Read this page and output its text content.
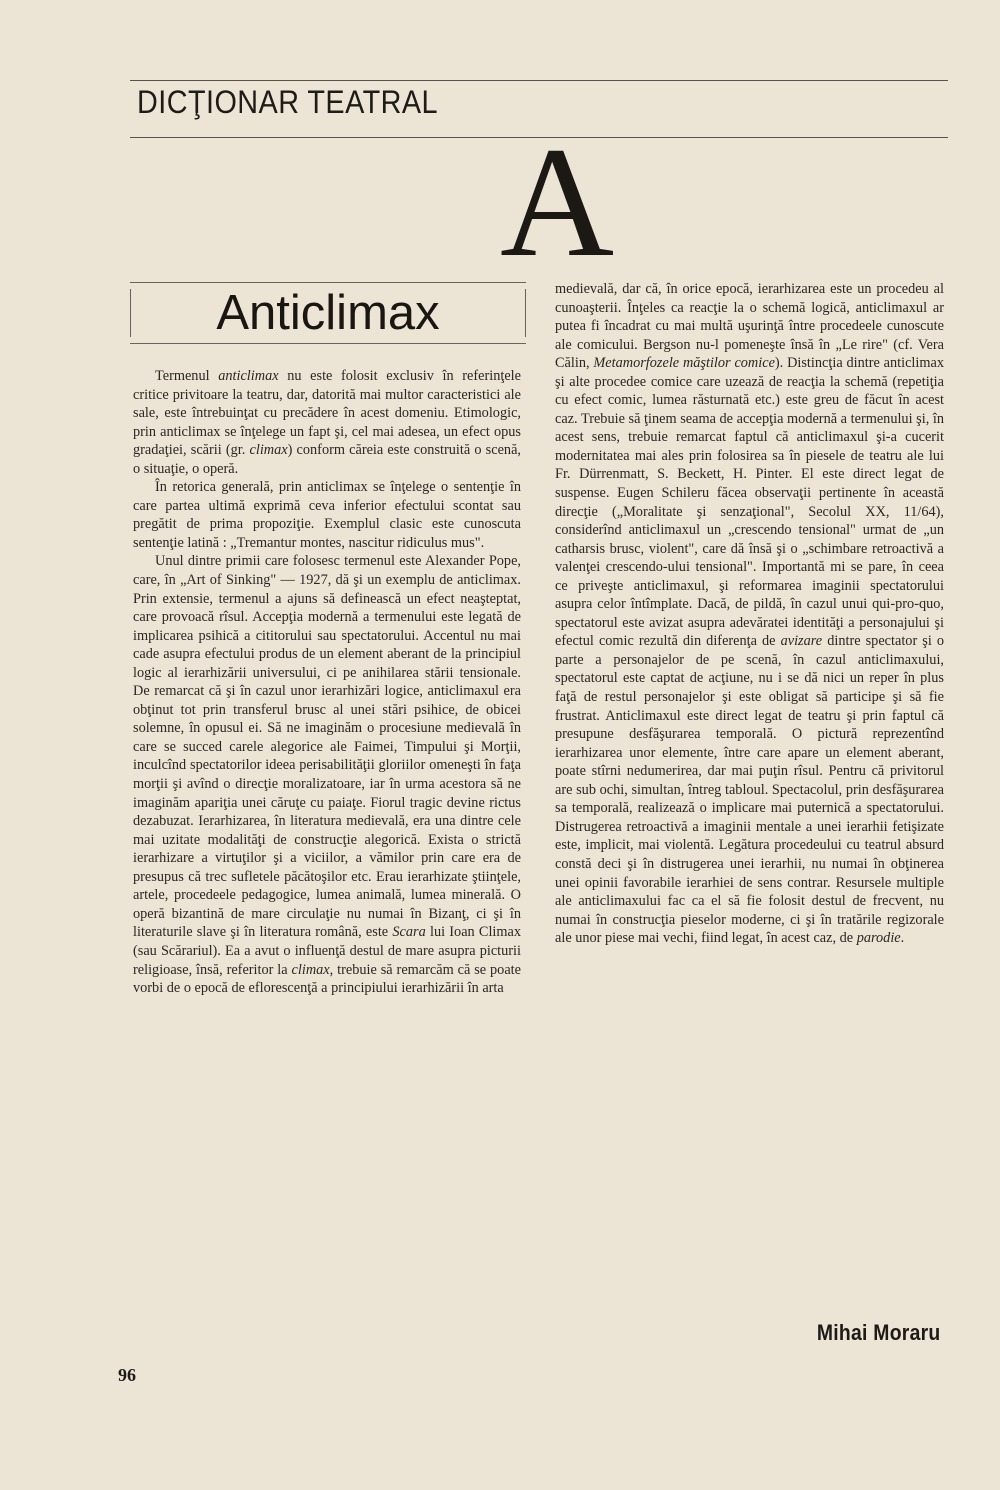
DICŢIONAR TEATRAL
A
Anticlimax

Termenul anticlimax nu este folosit exclusiv în referinţele critice privitoare la teatru, dar, datorită mai multor caracteristici ale sale, este întrebuinţat cu precădere în acest domeniu. Etimologic, prin anticlimax se înţelege un fapt şi, cel mai adesea, un efect opus gradaţiei, scării (gr. climax) conform căreia este construită o scenă, o situaţie, o operă.

În retorica generală, prin anticlimax se înţelege o sentenţie în care partea ultimă exprimă ceva inferior efectului scontat sau pregătit de prima propoziţie. Exemplul clasic este cunoscuta sentenţie latină : „Tremantur montes, nascitur ridiculus mus".

Unul dintre primii care folosesc termenul este Alexander Pope, care, în „Art of Sinking" — 1927, dă şi un exemplu de anticlimax. Prin extensie, termenul a ajuns să definească un efect neaşteptat, care provoacă rîsul. Accepţia modernă a termenului este legată de implicarea psihică a cititorului sau spectatorului. Accentul nu mai cade asupra efectului produs de un element aberant de la principiul logic al ierarhizării universului, ci pe anihilarea stării tensionale. De remarcat că şi în cazul unor ierarhizări logice, anticlimaxul era obţinut tot prin transferul brusc al unei stări psihice, de obicei solemne, în opusul ei. Să ne imaginăm o procesiune medievală în care se succed carele alegorice ale Faimei, Timpului şi Morţii, inculcînd spectatorilor ideea perisabilităţii gloriilor omeneşti în faţa morţii şi avînd o direcţie moralizatoare, iar în urma acestora să ne imaginăm apariţia unei căruţe cu paiaţe. Fiorul tragic devine rictus dezabuzat. Ierarhizarea, în literatura medievală, era una dintre cele mai uzitate modalităţi de construcţie alegorică. Exista o strictă ierarhizare a virtuţilor şi a viciilor, a vămilor prin care era de presupus că trec sufletele păcătoşilor etc. Erau ierarhizate ştiinţele, artele, procedeele pedagogice, lumea animală, lumea minerală. O operă bizantină de mare circulaţie nu numai în Bizanţ, ci şi în literaturile slave şi în literatura română, este Scara lui Ioan Climax (sau Scărariul). Ea a avut o influenţă destul de mare asupra picturii religioase, însă, referitor la climax, trebuie să remarcăm că se poate vorbi de o epocă de eflorescenţă a principiului ierarhizării în arta

medievală, dar că, în orice epocă, ierarhizarea este un procedeu al cunoaşterii. Înţeles ca reacţie la o schemă logică, anticlimaxul ar putea fi încadrat cu mai multă uşurinţă între procedeele cunoscute ale comicului. Bergson nu-l pomeneşte însă în „Le rire" (cf. Vera Călin, Metamorfozele măştilor comice). Distincţia dintre anticlimax şi alte procedee comice care uzează de reacţia la schemă (repetiţia cu efect comic, lumea răsturnată etc.) este greu de făcut în acest caz. Trebuie să ţinem seama de accepţia modernă a termenului şi, în acest sens, trebuie remarcat faptul că anticlimaxul şi-a cucerit modernitatea mai ales prin folosirea sa în piesele de teatru ale lui Fr. Dürrenmatt, S. Beckett, H. Pinter. El este direct legat de suspense. Eugen Schileru făcea observaţii pertinente în această direcţie („Moralitate şi senzaţional", Secolul XX, 11/64), considerînd anticlimaxul un „crescendo tensional" urmat de „un catharsis brusc, violent", care dă însă şi o „schimbare retroactivă a valenţei crescendo-ului tensional". Importantă mi se pare, în ceea ce priveşte anticlimaxul, şi reformarea imaginii spectatorului asupra celor întîmplate. Dacă, de pildă, în cazul unui qui-pro-quo, spectatorul este avizat asupra adevăratei identităţi a personajului şi efectul comic rezultă din diferenţa de avizare dintre spectator şi o parte a personajelor de pe scenă, în cazul anticlimaxului, spectatorul este captat de acţiune, nu i se dă nici un reper în plus faţă de restul personajelor şi este obligat să participe şi să fie frustrat. Anticlimaxul este direct legat de teatru şi prin faptul că presupune desfăşurarea temporală. O pictură reprezentînd ierarhizarea unor elemente, între care apare un element aberant, poate stîrni nedumerirea, dar mai puţin rîsul. Pentru că privitorul are sub ochi, simultan, întreg tabloul. Spectacolul, prin desfăşurarea sa temporală, realizează o implicare mai puternică a spectatorului. Distrugerea retroactivă a imaginii mentale a unei ierarhii fetişizate este, implicit, mai violentă. Legătura procedeului cu teatrul absurd constă deci şi în distrugerea unei ierarhii, nu numai în obţinerea unei opinii favorabile ierarhiei de sens contrar. Resursele multiple ale anticlimaxului fac ca el să fie folosit destul de frecvent, nu numai în construcţia pieselor moderne, ci şi în tratările regizorale ale unor piese mai vechi, fiind legat, în acest caz, de parodie.

Mihai Moraru
96
